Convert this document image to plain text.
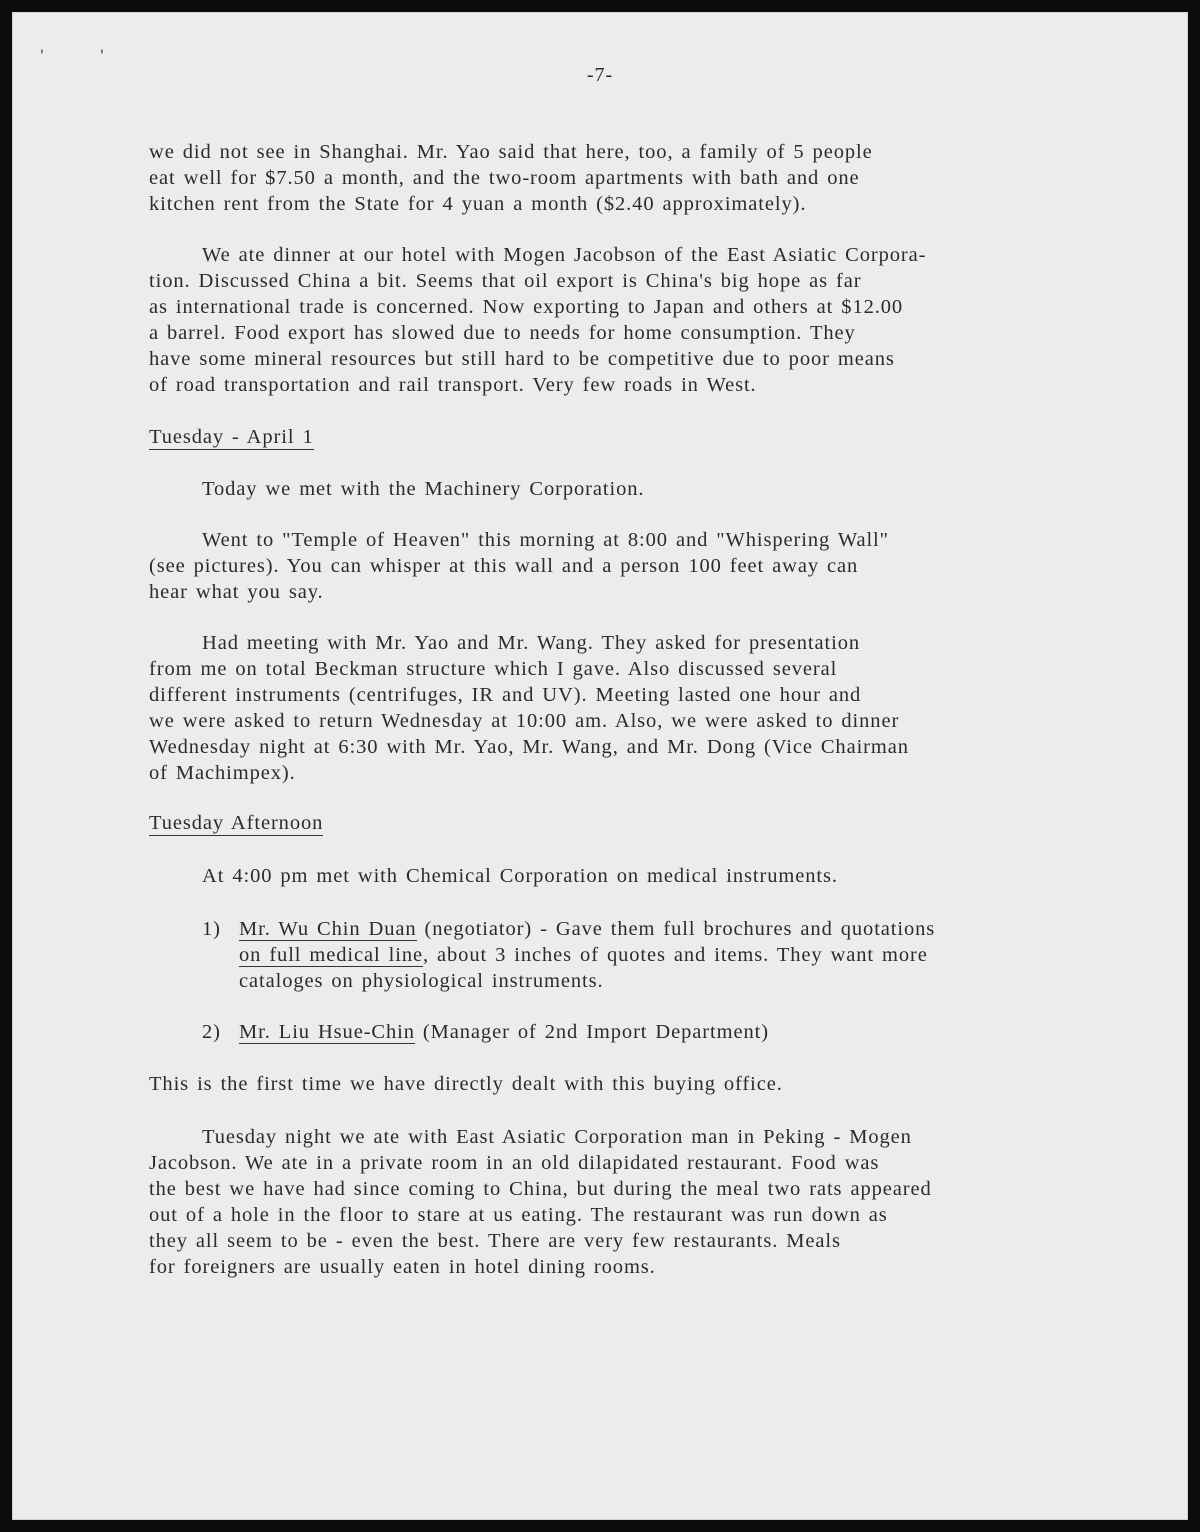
'	'
-7-
we did not see in Shanghai. Mr. Yao said that here, too, a family of 5 people
eat well for $7.50 a month, and the two-room apartments with bath and one
kitchen rent from the State for 4 yuan a month ($2.40 approximately).
We ate dinner at our hotel with Mogen Jacobson of the East Asiatic Corpora-
tion. Discussed China a bit. Seems that oil export is China's big hope as far
as international trade is concerned. Now exporting to Japan and others at $12.00
a barrel. Food export has slowed due to needs for home consumption. They
have some mineral resources but still hard to be competitive due to poor means
of road transportation and rail transport. Very few roads in West.
Tuesday - April 1
Today we met with the Machinery Corporation.
Went to "Temple of Heaven" this morning at 8:00 and "Whispering Wall"
(see pictures). You can whisper at this wall and a person 100 feet away can
hear what you say.
Had meeting with Mr. Yao and Mr. Wang. They asked for presentation
from me on total Beckman structure which I gave. Also discussed several
different instruments (centrifuges, IR and UV). Meeting lasted one hour and
we were asked to return Wednesday at 10:00 am. Also, we were asked to dinner
Wednesday night at 6:30 with Mr. Yao, Mr. Wang, and Mr. Dong (Vice Chairman
of Machimpex).
Tuesday Afternoon
At 4:00 pm met with Chemical Corporation on medical instruments.
1) Mr. Wu Chin Duan (negotiator) - Gave them full brochures and quotations
on full medical line, about 3 inches of quotes and items. They want more
cataloges on physiological instruments.
2) Mr. Liu Hsue-Chin (Manager of 2nd Import Department)
This is the first time we have directly dealt with this buying office.
Tuesday night we ate with East Asiatic Corporation man in Peking - Mogen
Jacobson. We ate in a private room in an old dilapidated restaurant. Food was
the best we have had since coming to China, but during the meal two rats appeared
out of a hole in the floor to stare at us eating. The restaurant was run down as
they all seem to be - even the best. There are very few restaurants. Meals
for foreigners are usually eaten in hotel dining rooms.
